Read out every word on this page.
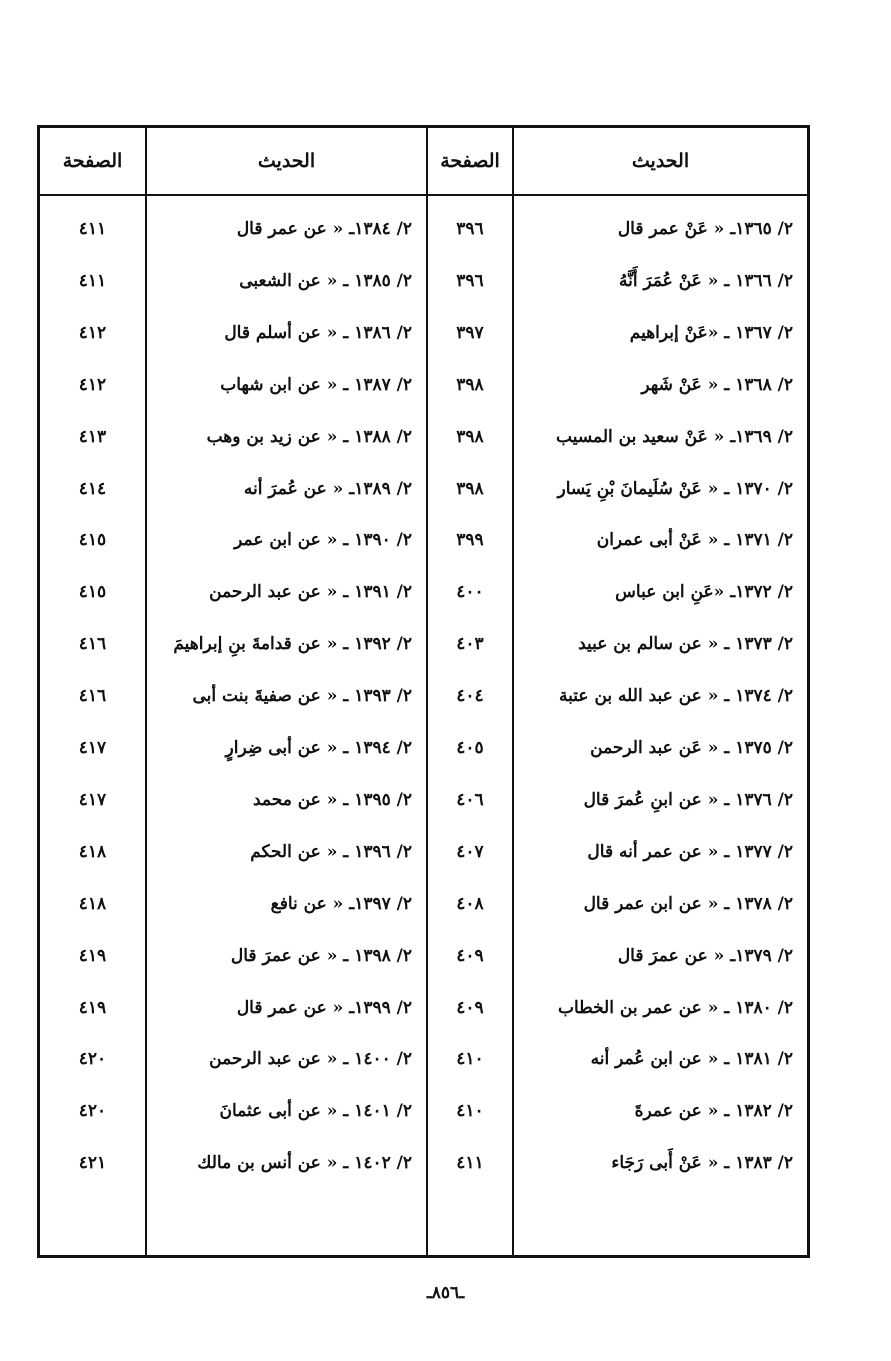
الحديث
الصفحة
الحديث
الصفحة
٢/ ١٣٦٥ـ « عَنْ عمر قال
٢/ ١٣٦٦ ـ « عَنْ عُمَرَ أَنَّهُ
٢/ ١٣٦٧ ـ «عَنْ إبراهيم
٢/ ١٣٦٨ ـ « عَنْ شَهر
٢/ ١٣٦٩ـ « عَنْ سعيد بن المسيب
٢/ ١٣٧٠ ـ « عَنْ سُلَيمانَ بْنِ يَسار
٢/ ١٣٧١ ـ « عَنْ أبى عمران
٢/ ١٣٧٢ـ «عَنِ ابن عباس
٢/ ١٣٧٣ ـ « عن سالم بن عبيد
٢/ ١٣٧٤ ـ « عن عبد الله بن عتبة
٢/ ١٣٧٥ ـ « عَن عبد الرحمن
٢/ ١٣٧٦ ـ « عن ابنِ عُمرَ قال
٢/ ١٣٧٧ ـ « عن عمر أنه قال
٢/ ١٣٧٨ ـ « عن ابن عمر قال
٢/ ١٣٧٩ـ « عن عمرَ قال
٢/ ١٣٨٠ ـ « عن عمر بن الخطاب
٢/ ١٣٨١ ـ « عن ابن عُمر أنه
٢/ ١٣٨٢ ـ « عن عمرةَ
٢/ ١٣٨٣ ـ « عَنْ أَبى رَجَاء
٣٩٦
٣٩٦
٣٩٧
٣٩٨
٣٩٨
٣٩٨
٣٩٩
٤٠٠
٤٠٣
٤٠٤
٤٠٥
٤٠٦
٤٠٧
٤٠٨
٤٠٩
٤٠٩
٤١٠
٤١٠
٤١١
٢/ ١٣٨٤ـ « عن عمر قال
٢/ ١٣٨٥ ـ « عن الشعبى
٢/ ١٣٨٦ ـ « عن أسلم قال
٢/ ١٣٨٧ ـ « عن ابن شهاب
٢/ ١٣٨٨ ـ « عن زيد بن وهب
٢/ ١٣٨٩ـ « عن عُمرَ أنه
٢/ ١٣٩٠ ـ « عن ابن عمر
٢/ ١٣٩١ ـ « عن عبد الرحمن
٢/ ١٣٩٢ ـ « عن قدامةَ بنِ إبراهيمَ
٢/ ١٣٩٣ ـ « عن صفيةَ بنت أبى
٢/ ١٣٩٤ ـ « عن أبى ضِرارٍ
٢/ ١٣٩٥ ـ « عن محمد
٢/ ١٣٩٦ ـ « عن الحكم
٢/ ١٣٩٧ـ « عن نافع
٢/ ١٣٩٨ ـ « عن عمرَ قال
٢/ ١٣٩٩ـ « عن عمر قال
٢/ ١٤٠٠ ـ « عن عبد الرحمن
٢/ ١٤٠١ ـ « عن أبى عثمانَ
٢/ ١٤٠٢ ـ « عن أنس بن مالك
٤١١
٤١١
٤١٢
٤١٢
٤١٣
٤١٤
٤١٥
٤١٥
٤١٦
٤١٦
٤١٧
٤١٧
٤١٨
٤١٨
٤١٩
٤١٩
٤٢٠
٤٢٠
٤٢١
ـ٨٥٦ـ
